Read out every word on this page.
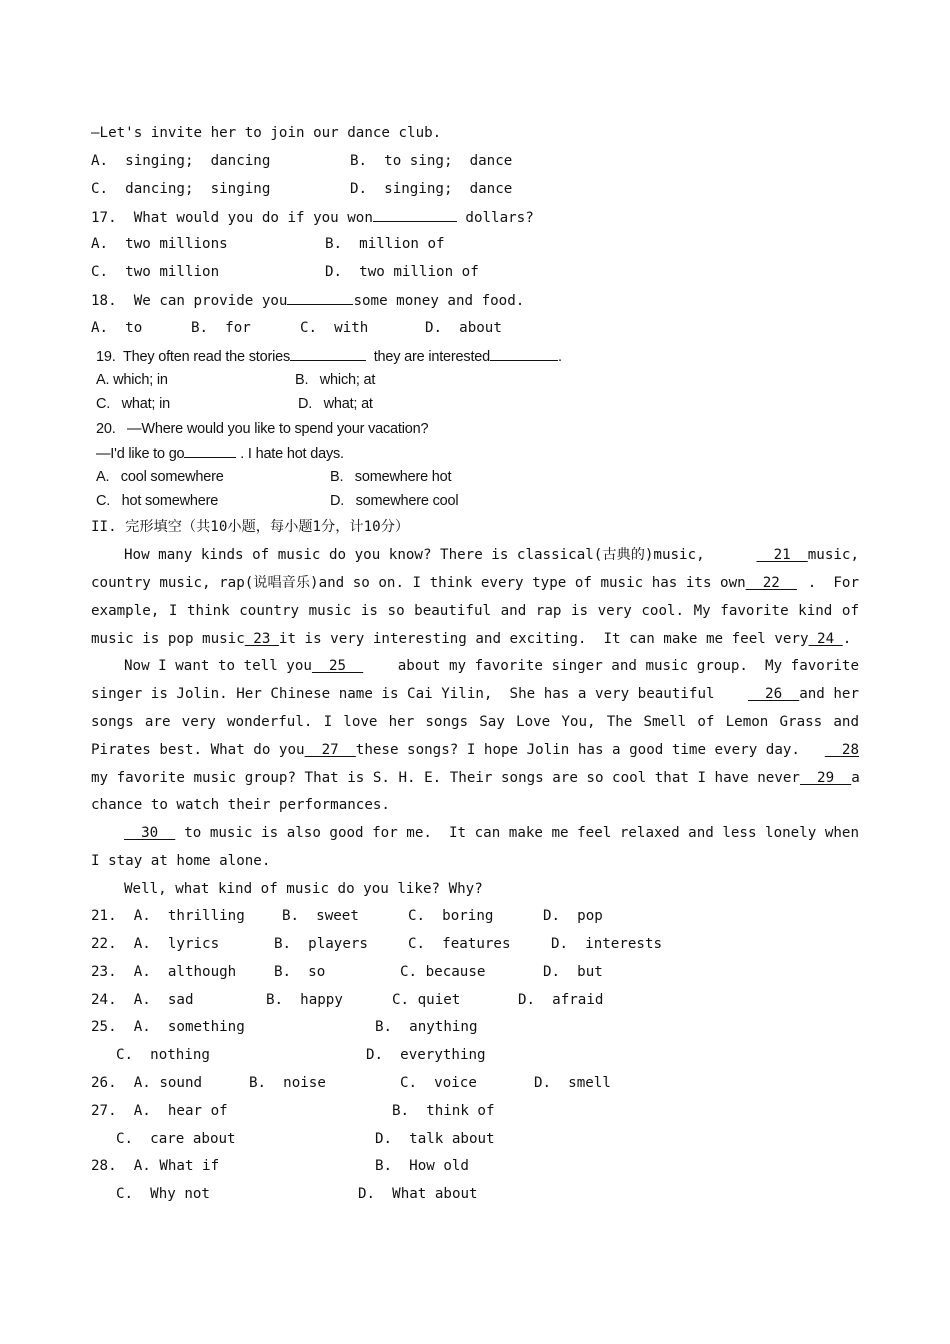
—Let's invite her to join our dance club.
A.  singing;  dancing	B.  to sing;  dance
C.  dancing;  singing	D.  singing;  dance
17.  What would you do if you won	dollars?
A.  two millions	B.  million of
C.  two million	D.  two million of
18.  We can provide you	some money and food.
A.  to	B.  for	C.  with	D.  about
19.  They often read the stories	they are interested	.
A. which; in	B.   which; at
C.   what; in	D.   what; at
20.   —Where would you like to spend your vacation?
—I'd like to go	. I hate hot days.
A.   cool somewhere	B.   somewhere hot
C.   hot somewhere	D.   somewhere cool
II. 完形填空（共10小题，每小题1分，计10分）
How many kinds of music do you know? There is classical(古典的)music,	21  music,
country music, rap(说唱音乐)and so on. I think every type of music has its own  22 .  For
example, I think country music is so beautiful and rap is very cool. My favorite kind of
music is pop music 23 it is very interesting and exciting.  It can make me feel very 24 .
Now I want to tell you  25 about my favorite singer and music group.  My favorite
singer is Jolin. Her Chinese name is Cai Yilin,  She has a very beautiful 26  and her
songs are very wonderful. I love her songs Say Love You, The Smell of Lemon Grass and
Pirates best. What do you  27  these songs? I hope Jolin has a good time every day. 28
my favorite music group? That is S. H. E. Their songs are so cool that I have never 29  a
chance to watch their performances.
30 to music is also good for me.  It can make me feel relaxed and less lonely when
I stay at home alone.
Well, what kind of music do you like? Why?
21.  A.  thrilling	B.  sweet	C.  boring	D.  pop
22.  A.  lyrics	B.  players	C.  features	D.  interests
23.  A.  although	B.  so	C. because	D.  but
24.  A.  sad	B.  happy	C. quiet	D.  afraid
25.  A.  something	B.  anything
C.  nothing	D.  everything
26.  A. sound	B.  noise	C.  voice	D.  smell
27.  A.  hear of	B.  think of
C.  care about	D.  talk about
28.  A. What if	B.  How old
C.  Why not	D.  What about
